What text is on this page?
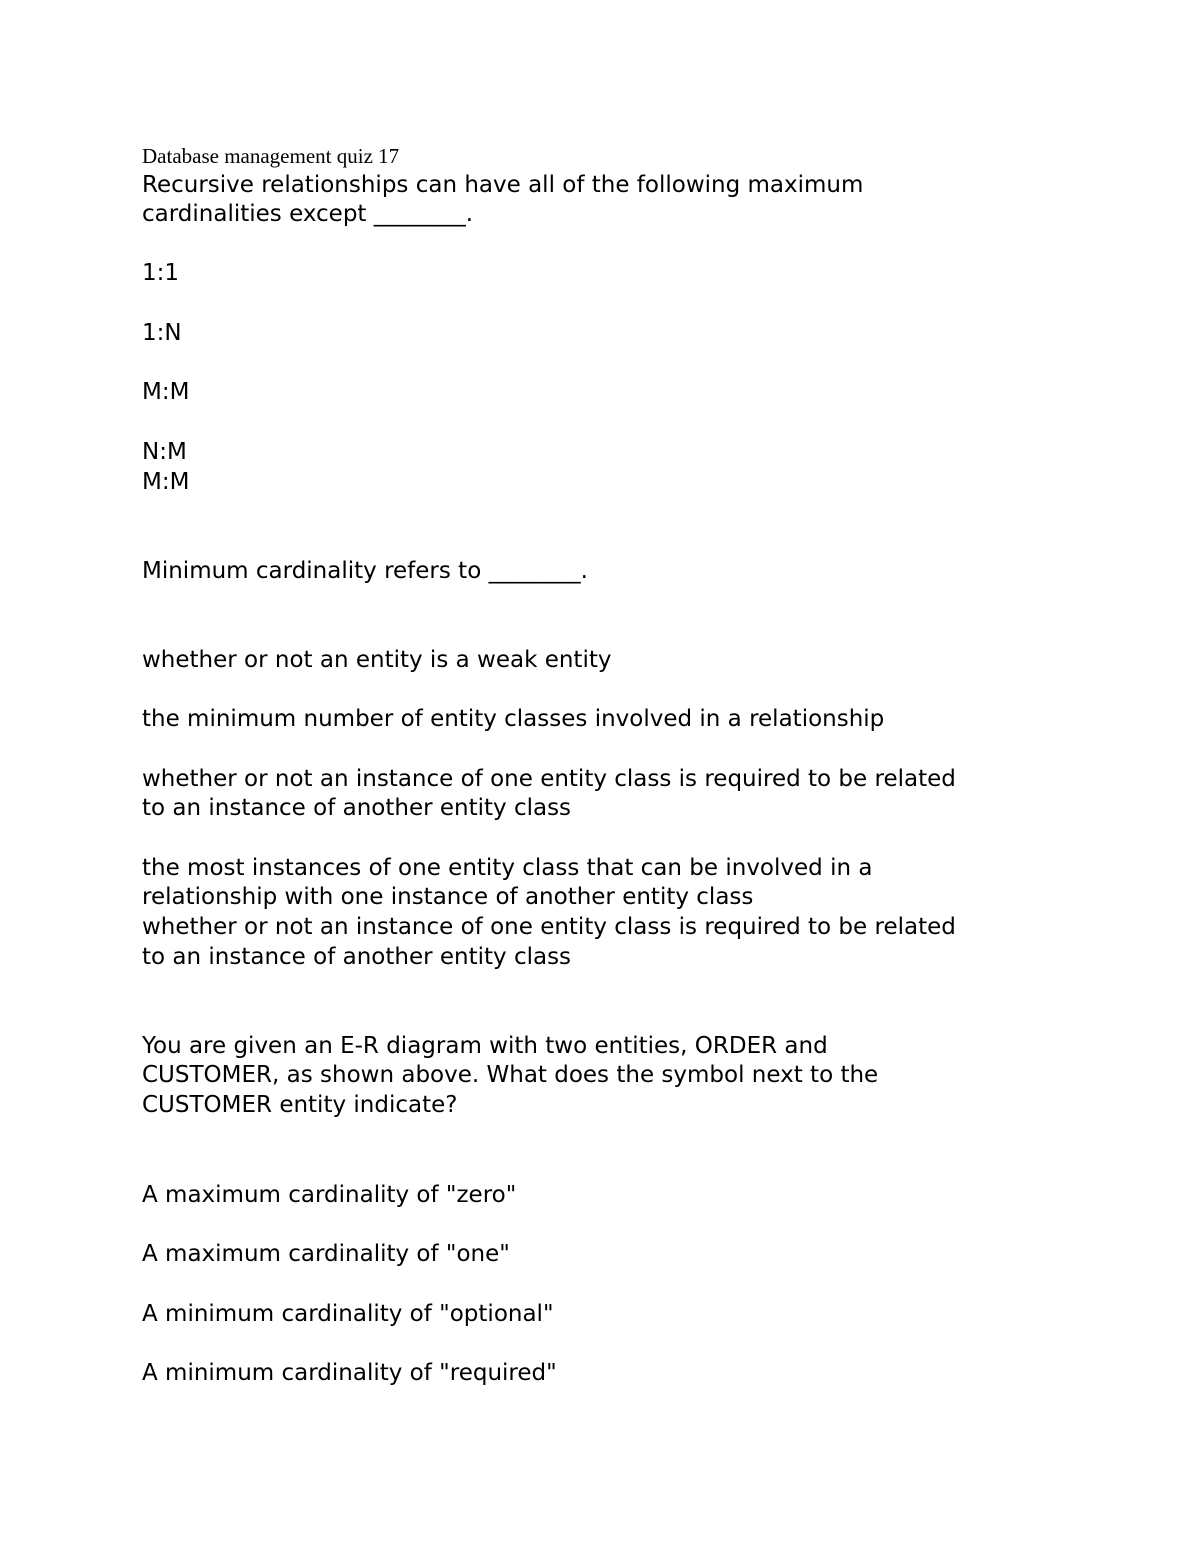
Database management quiz 17
Recursive relationships can have all of the following maximum
cardinalities except ________.
1:1
1:N
M:M
N:M
M:M
Minimum cardinality refers to ________.
whether or not an entity is a weak entity
the minimum number of entity classes involved in a relationship
whether or not an instance of one entity class is required to be related
to an instance of another entity class
the most instances of one entity class that can be involved in a
relationship with one instance of another entity class
whether or not an instance of one entity class is required to be related
to an instance of another entity class
You are given an E-R diagram with two entities, ORDER and
CUSTOMER, as shown above. What does the symbol next to the
CUSTOMER entity indicate?
A maximum cardinality of "zero"
A maximum cardinality of "one"
A minimum cardinality of "optional"
A minimum cardinality of "required"
